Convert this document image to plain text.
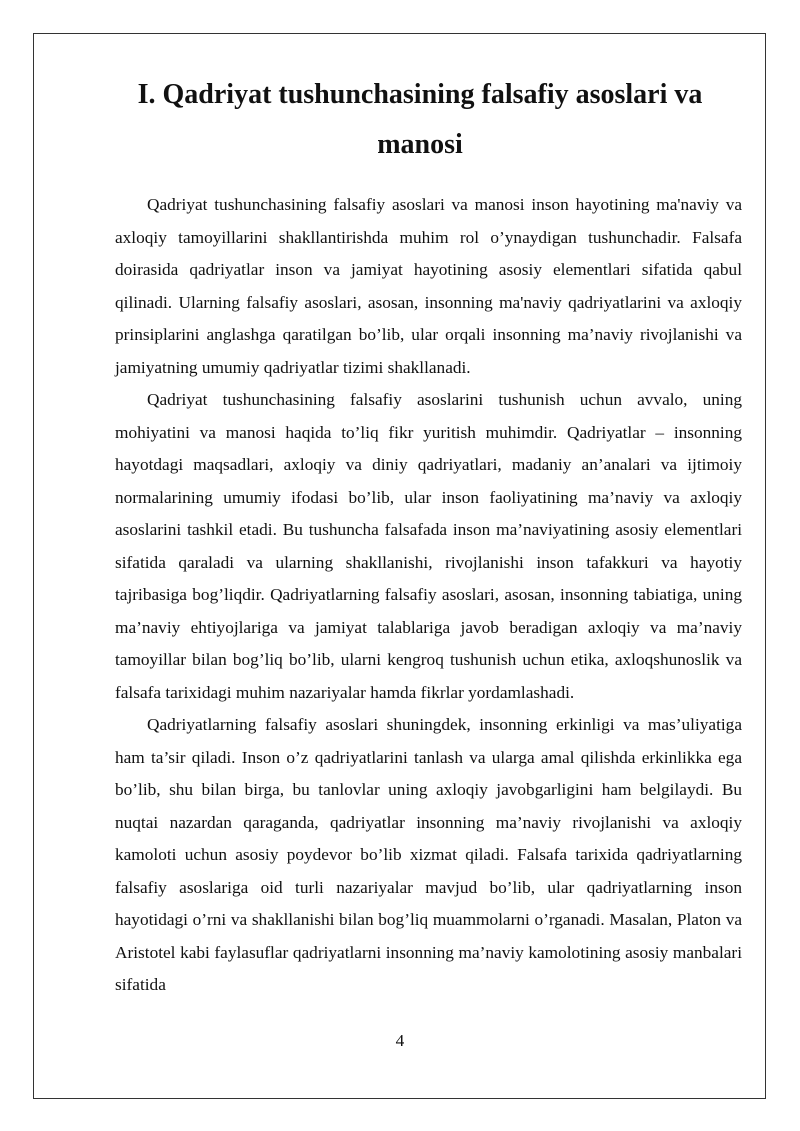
I. Qadriyat tushunchasining falsafiy asoslari va manosi

Qadriyat tushunchasining falsafiy asoslari va manosi inson hayotining ma'naviy va axloqiy tamoyillarini shakllantirishda muhim rol o’ynaydigan tushunchadir. Falsafa doirasida qadriyatlar inson va jamiyat hayotining asosiy elementlari sifatida qabul qilinadi. Ularning falsafiy asoslari, asosan, insonning ma'naviy qadriyatlarini va axloqiy prinsiplarini anglashga qaratilgan bo’lib, ular orqali insonning ma’naviy rivojlanishi va jamiyatning umumiy qadriyatlar tizimi shakllanadi.

Qadriyat tushunchasining falsafiy asoslarini tushunish uchun avvalo, uning mohiyatini va manosi haqida to’liq fikr yuritish muhimdir. Qadriyatlar – insonning hayotdagi maqsadlari, axloqiy va diniy qadriyatlari, madaniy an’analari va ijtimoiy normalarining umumiy ifodasi bo’lib, ular inson faoliyatining ma’naviy va axloqiy asoslarini tashkil etadi. Bu tushuncha falsafada inson ma’naviyatining asosiy elementlari sifatida qaraladi va ularning shakllanishi, rivojlanishi inson tafakkuri va hayotiy tajribasiga bog’liqdir. Qadriyatlarning falsafiy asoslari, asosan, insonning tabiatiga, uning ma’naviy ehtiyojlariga va jamiyat talablariga javob beradigan axloqiy va ma’naviy tamoyillar bilan bog’liq bo’lib, ularni kengroq tushunish uchun etika, axloqshunoslik va falsafa tarixidagi muhim nazariyalar hamda fikrlar yordamlashadi.

Qadriyatlarning falsafiy asoslari shuningdek, insonning erkinligi va mas’uliyatiga ham ta’sir qiladi. Inson o’z qadriyatlarini tanlash va ularga amal qilishda erkinlikka ega bo’lib, shu bilan birga, bu tanlovlar uning axloqiy javobgarligini ham belgilaydi. Bu nuqtai nazardan qaraganda, qadriyatlar insonning ma’naviy rivojlanishi va axloqiy kamoloti uchun asosiy poydevor bo’lib xizmat qiladi. Falsafa tarixida qadriyatlarning falsafiy asoslariga oid turli nazariyalar mavjud bo’lib, ular qadriyatlarning inson hayotidagi o’rni va shakllanishi bilan bog’liq muammolarni o’rganadi. Masalan, Platon va Aristotel kabi faylasuflar qadriyatlarni insonning ma’naviy kamolotining asosiy manbalari sifatida

4
